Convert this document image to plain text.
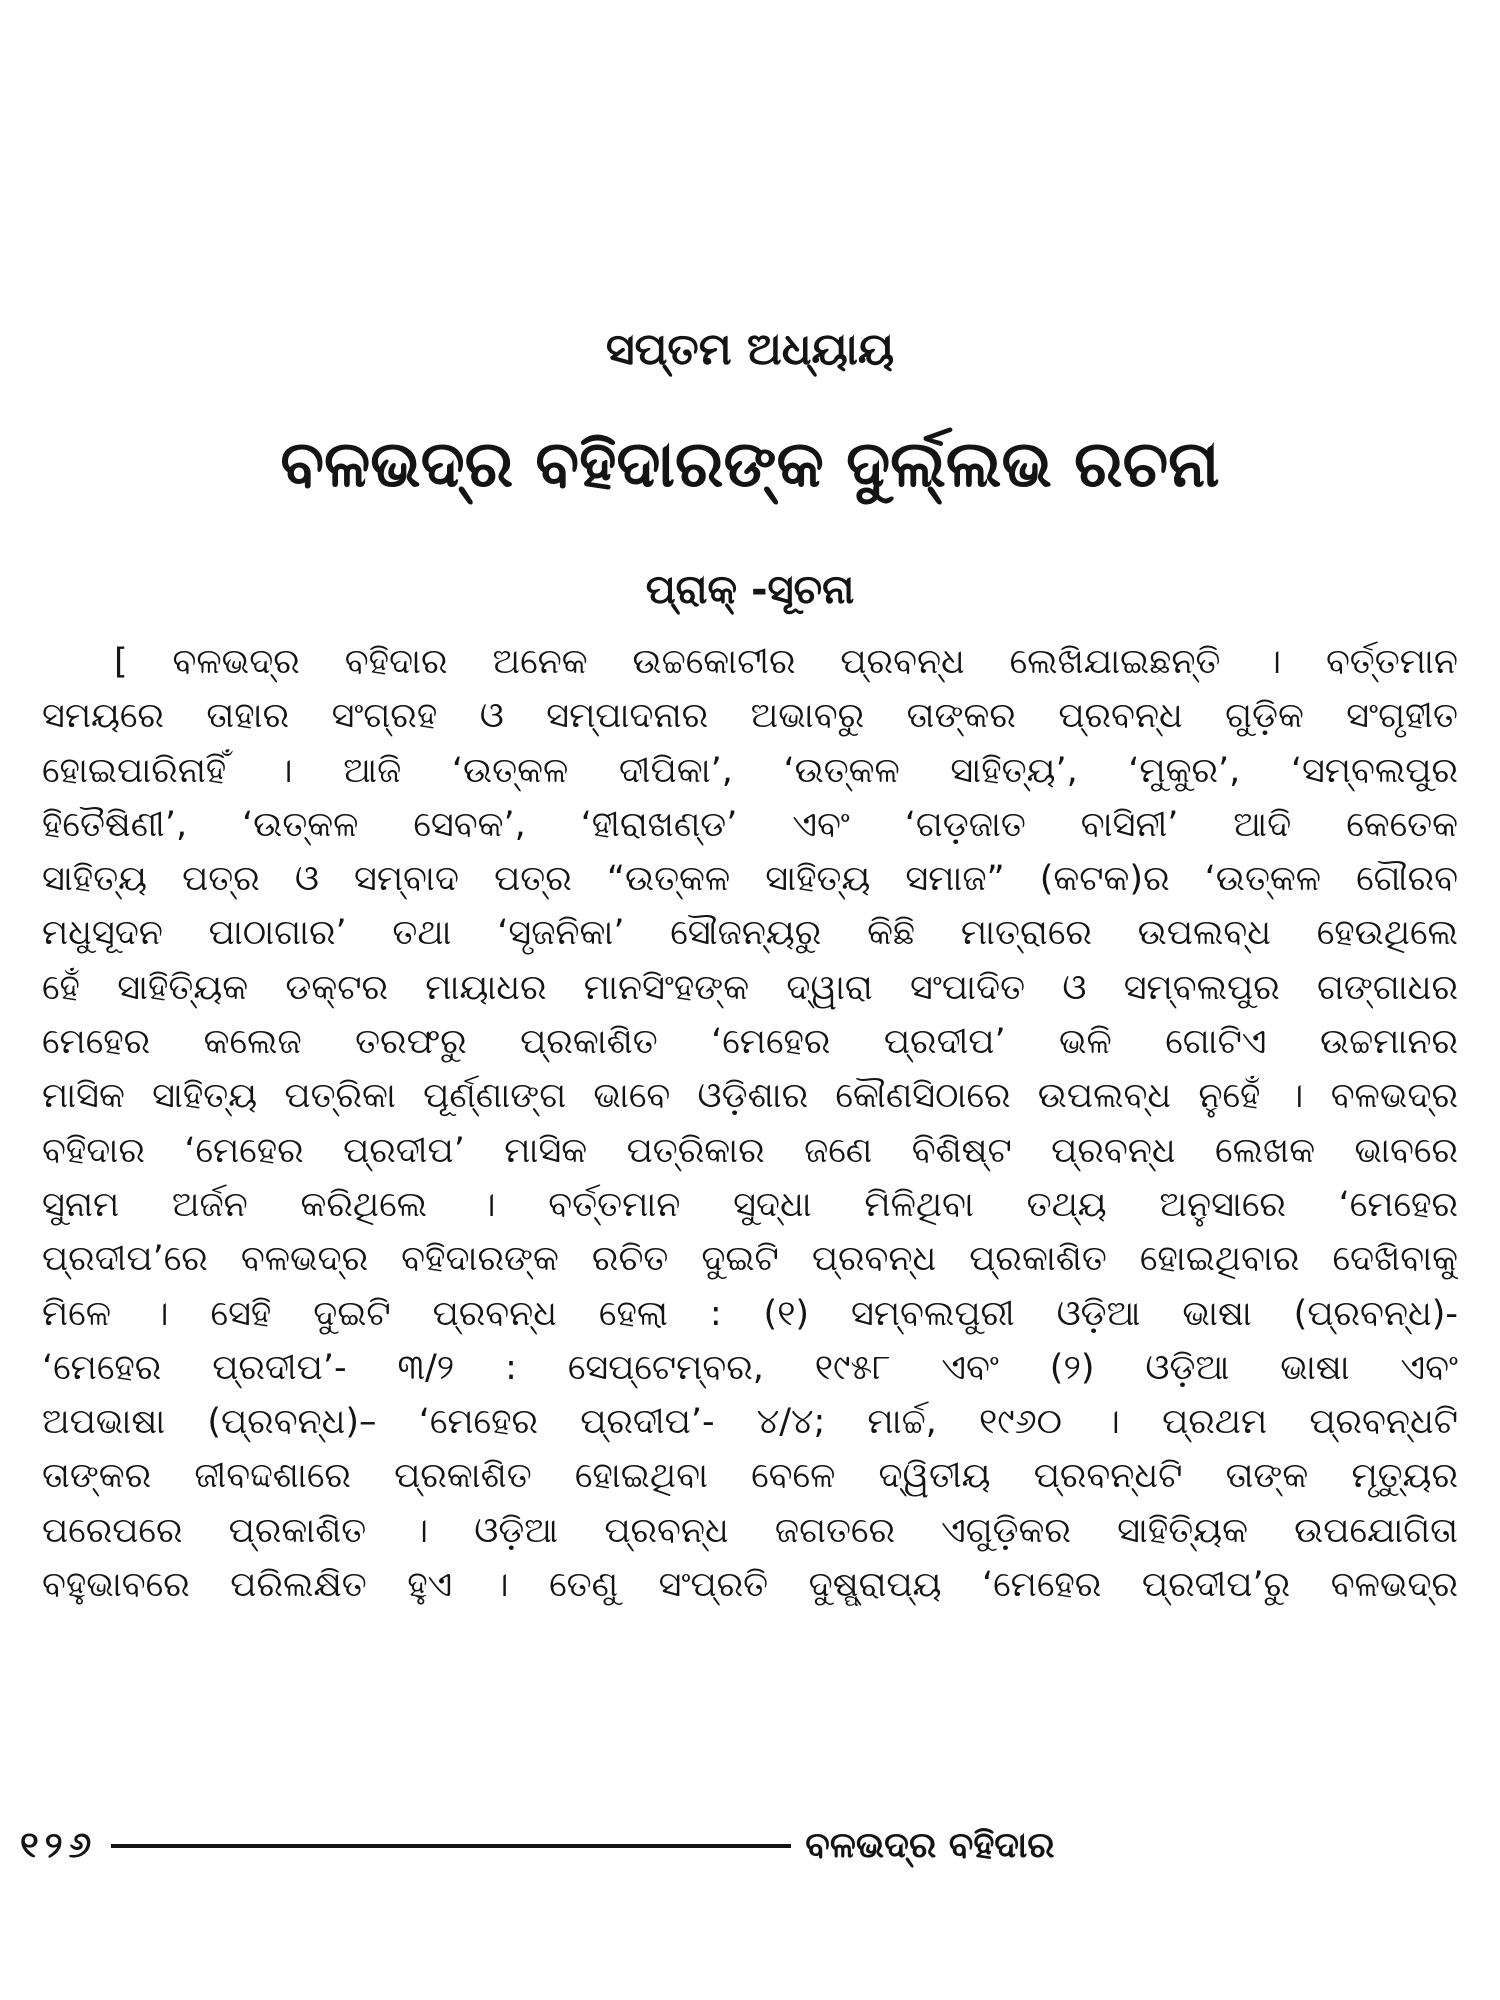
ସପ୍ତମ ଅଧ୍ୟାୟ
ବଳଭଦ୍ର ବହିଦାରଙ୍କ ଦୁର୍ଲ୍ଲଭ ରଚନା
ପ୍ରାକ୍ -ସୂଚନା
[ ବଳଭଦ୍ର ବହିଦାର ଅନେକ ଉଚ୍ଚକୋଟୀର ପ୍ରବନ୍ଧ ଲେଖିଯାଇଛନ୍ତି । ବର୍ତ୍ତମାନ
ସମୟରେ ତାହାର ସଂଗ୍ରହ ଓ ସମ୍ପାଦନାର ଅଭାବରୁ ତାଙ୍କର ପ୍ରବନ୍ଧ ଗୁଡ଼ିକ ସଂଗୃହୀତ
ହୋଇପାରିନାହିଁ । ଆଜି ‘ଉତ୍କଳ ଦୀପିକା’, ‘ଉତ୍କଳ ସାହିତ୍ୟ’, ‘ମୁକୁର’, ‘ସମ୍ବଲପୁର
ହିତୈଷିଣୀ’, ‘ଉତ୍କଳ ସେବକ’, ‘ହୀରାଖଣ୍ଡ’ ଏବଂ ‘ଗଡ଼ଜାତ ବାସିନୀ’ ଆଦି କେତେକ
ସାହିତ୍ୟ ପତ୍ର ଓ ସମ୍ବାଦ ପତ୍ର “ଉତ୍କଳ ସାହିତ୍ୟ ସମାଜ” (କଟକ)ର ‘ଉତ୍କଳ ଗୌରବ
ମଧୁସୂଦନ ପାଠାଗାର’ ତଥା ‘ସୃଜନିକା’ ସୌଜନ୍ୟରୁ କିଛି ମାତ୍ରାରେ ଉପଲବ୍ଧ ହେଉଥିଲେ
ହେଁ ସାହିତ୍ୟିକ ଡକ୍ଟର ମାୟାଧର ମାନସିଂହଙ୍କ ଦ୍ୱାରା ସଂପାଦିତ ଓ ସମ୍ବଲପୁର ଗଙ୍ଗାଧର
ମେହେର କଲେଜ ତରଫରୁ ପ୍ରକାଶିତ ‘ମେହେର ପ୍ରଦୀପ’ ଭଳି ଗୋଟିଏ ଉଚ୍ଚମାନର
ମାସିକ ସାହିତ୍ୟ ପତ୍ରିକା ପୂର୍ଣ୍ଣାଙ୍ଗ ଭାବେ ଓଡ଼ିଶାର କୌଣସିଠାରେ ଉପଲବ୍ଧ ନୁହେଁ । ବଳଭଦ୍ର
ବହିଦାର ‘ମେହେର ପ୍ରଦୀପ’ ମାସିକ ପତ୍ରିକାର ଜଣେ ବିଶିଷ୍ଟ ପ୍ରବନ୍ଧ ଲେଖକ ଭାବରେ
ସୁନାମ ଅର୍ଜନ କରିଥିଲେ । ବର୍ତ୍ତମାନ ସୁଦ୍ଧା ମିଳିଥିବା ତଥ୍ୟ ଅନୁସାରେ ‘ମେହେର
ପ୍ରଦୀପ’ରେ ବଳଭଦ୍ର ବହିଦାରଙ୍କ ରଚିତ ଦୁଇଟି ପ୍ରବନ୍ଧ ପ୍ରକାଶିତ ହୋଇଥିବାର ଦେଖିବାକୁ
ମିଳେ । ସେହି ଦୁଇଟି ପ୍ରବନ୍ଧ ହେଲା : (୧) ସମ୍ବଲପୁରୀ ଓଡ଼ିଆ ଭାଷା (ପ୍ରବନ୍ଧ)-
‘ମେହେର ପ୍ରଦୀପ’- ୩/୨ : ସେପ୍ଟେମ୍ବର, ୧୯୫୮ ଏବଂ (୨) ଓଡ଼ିଆ ଭାଷା ଏବଂ
ଅପଭାଷା (ପ୍ରବନ୍ଧ)– ‘ମେହେର ପ୍ରଦୀପ’- ୪/୪; ମାର୍ଚ୍ଚ, ୧୯୬୦ । ପ୍ରଥମ ପ୍ରବନ୍ଧଟି
ତାଙ୍କର ଜୀବଦ୍ଦଶାରେ ପ୍ରକାଶିତ ହୋଇଥିବା ବେଳେ ଦ୍ୱିତୀୟ ପ୍ରବନ୍ଧଟି ତାଙ୍କ ମୃତ୍ୟୁର
ପରେପରେ ପ୍ରକାଶିତ । ଓଡ଼ିଆ ପ୍ରବନ୍ଧ ଜଗତରେ ଏଗୁଡ଼ିକର ସାହିତ୍ୟିକ ଉପଯୋଗିତା
ବହୁଭାବରେ ପରିଲକ୍ଷିତ ହୁଏ । ତେଣୁ ସଂପ୍ରତି ଦୁଷ୍ପ୍ରାପ୍ୟ ‘ମେହେର ପ୍ରଦୀପ’ରୁ ବଳଭଦ୍ର
୧୨୬	ବଳଭଦ୍ର ବହିଦାର
